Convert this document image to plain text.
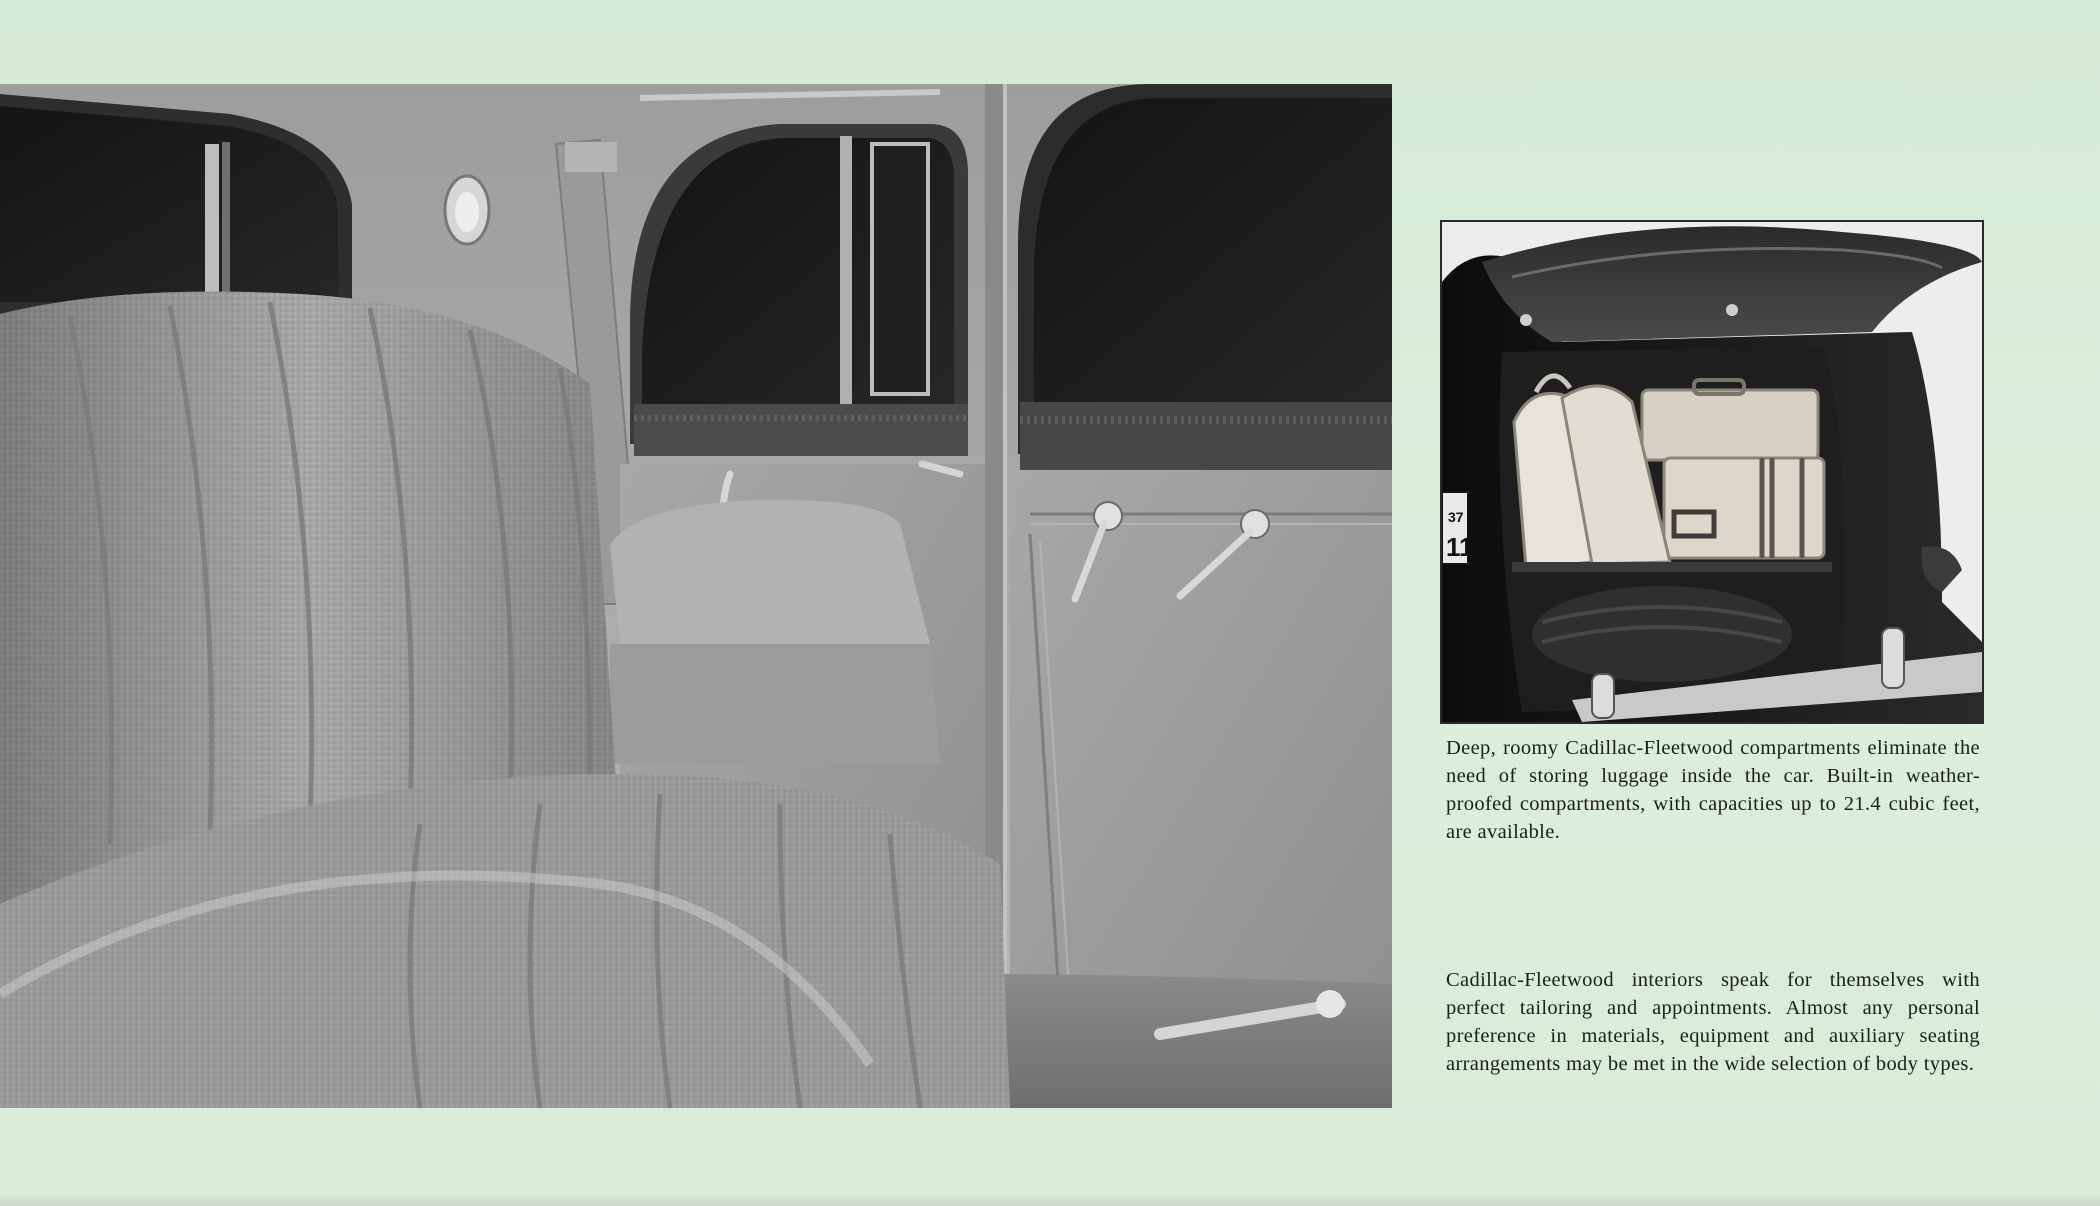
37
11

Deep, roomy Cadillac-Fleetwood compartments eliminate the need of storing luggage inside the car. Built-in weather-proofed compartments, with capacities up to 21.4 cubic feet, are available.

Cadillac-Fleetwood interiors speak for themselves with perfect tailoring and appointments. Almost any personal preference in materials, equipment and auxiliary seating arrangements may be met in the wide selection of body types.
